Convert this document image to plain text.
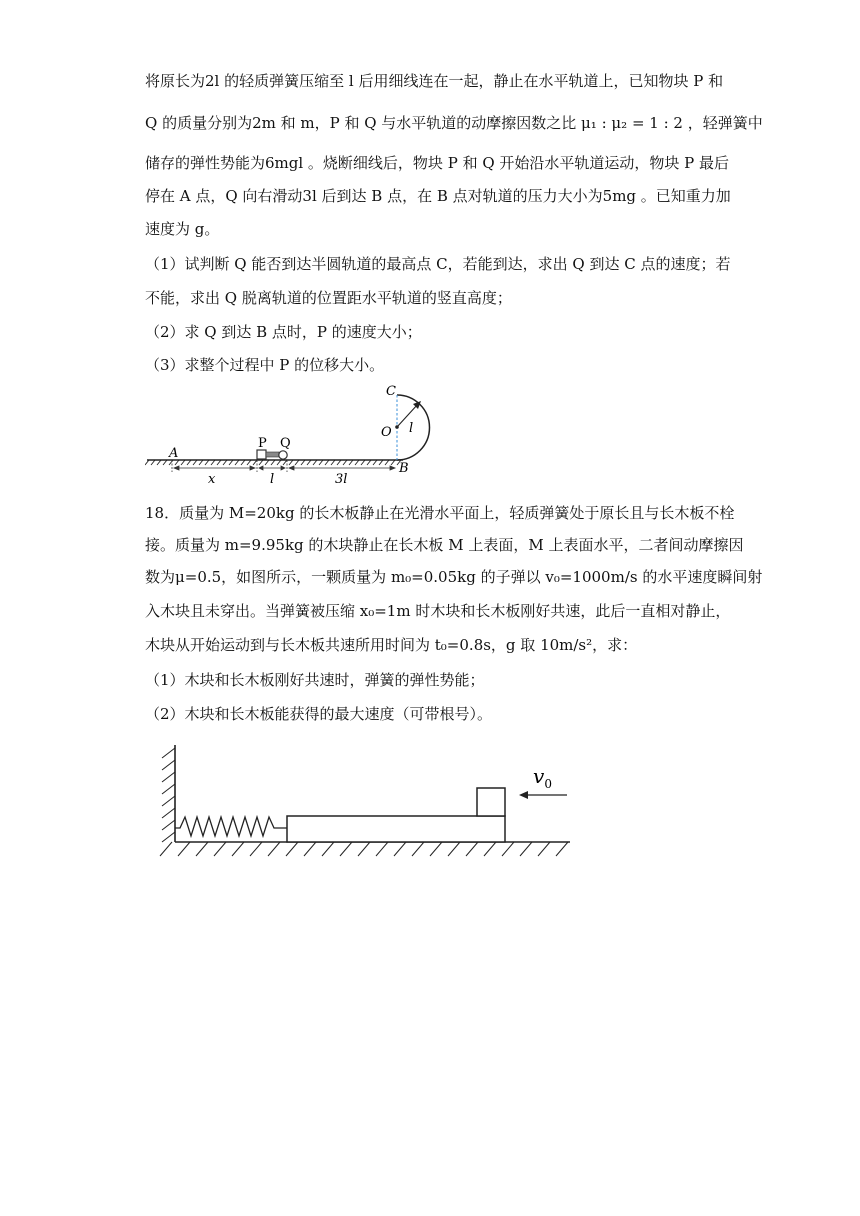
将原长为2l 的轻质弹簧压缩至 l 后用细线连在一起，静止在水平轨道上，已知物块 P 和
Q 的质量分别为2m 和 m，P 和 Q 与水平轨道的动摩擦因数之比 μ₁ : μ₂ = 1 : 2 ，轻弹簧中
储存的弹性势能为6mgl 。烧断细线后，物块 P 和 Q 开始沿水平轨道运动，物块 P 最后
停在 A 点，Q 向右滑动3l 后到达 B 点，在 B 点对轨道的压力大小为5mg 。已知重力加
速度为 g。
（1）试判断 Q 能否到达半圆轨道的最高点 C，若能到达，求出 Q 到达 C 点的速度；若
不能，求出 Q 脱离轨道的位置距水平轨道的竖直高度；
（2）求 Q 到达 B 点时，P 的速度大小；
（3）求整个过程中 P 的位移大小。
A
B
C
O l
P Q
x	l	3l
18．质量为 M=20kg 的长木板静止在光滑水平面上，轻质弹簧处于原长且与长木板不栓
接。质量为 m=9.95kg 的木块静止在长木板 M 上表面，M 上表面水平，二者间动摩擦因
数为μ=0.5，如图所示，一颗质量为 m₀=0.05kg 的子弹以 v₀=1000m/s 的水平速度瞬间射
入木块且未穿出。当弹簧被压缩 x₀=1m 时木块和长木板刚好共速，此后一直相对静止，
木块从开始运动到与长木板共速所用时间为 t₀=0.8s，g 取 10m/s²，求：
（1）木块和长木板刚好共速时，弹簧的弹性势能；
（2）木块和长木板能获得的最大速度（可带根号）。
$v_0$
